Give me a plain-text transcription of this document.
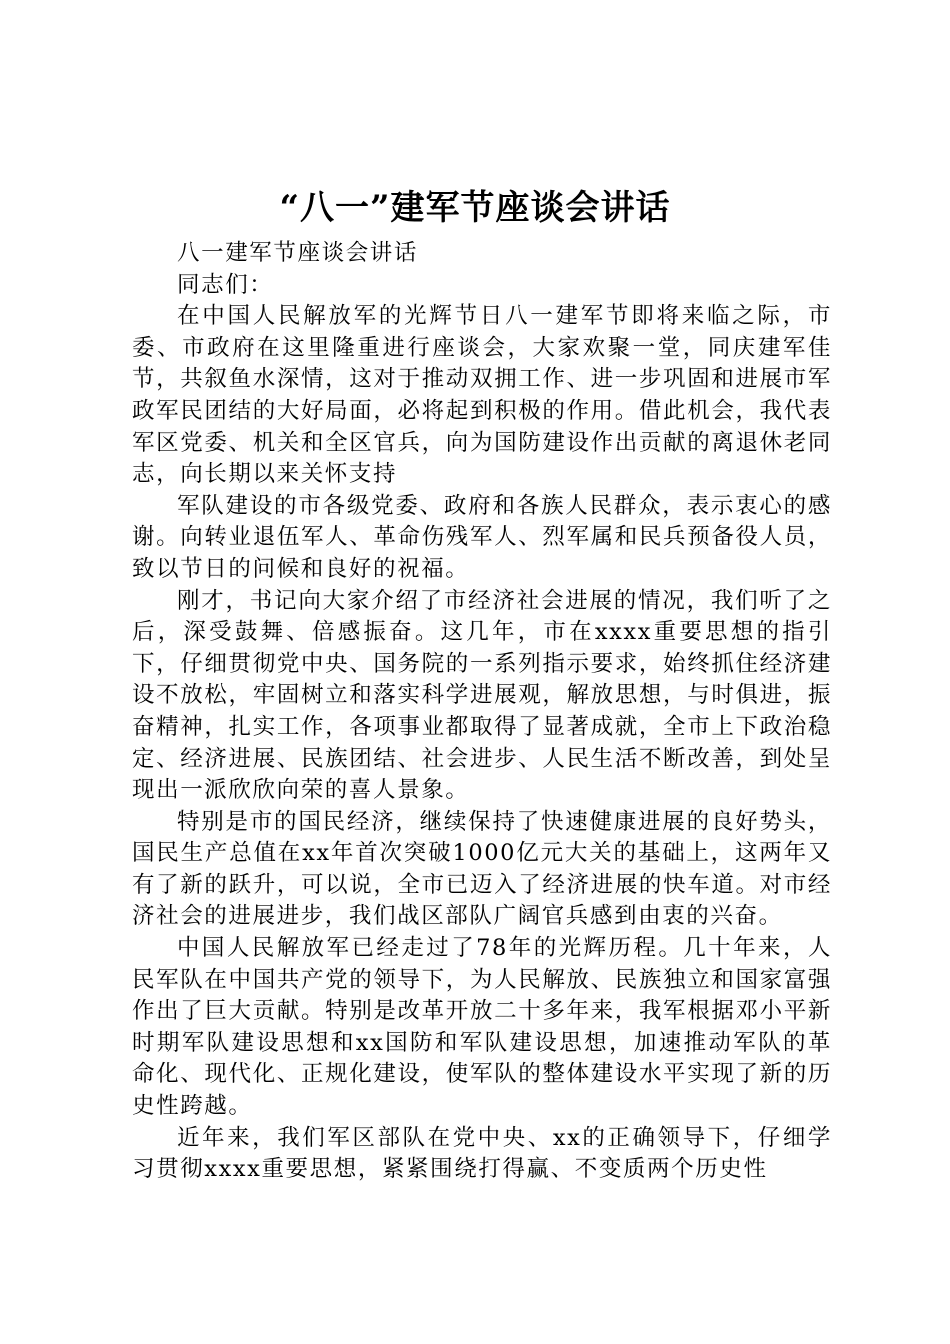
“八一”建军节座谈会讲话

八一建军节座谈会讲话

同志们：

在中国人民解放军的光辉节日八一建军节即将来临之际，市委、市政府在这里隆重进行座谈会，大家欢聚一堂，同庆建军佳节，共叙鱼水深情，这对于推动双拥工作、进一步巩固和进展市军政军民团结的大好局面，必将起到积极的作用。借此机会，我代表军区党委、机关和全区官兵，向为国防建设作出贡献的离退休老同志，向长期以来关怀支持

军队建设的市各级党委、政府和各族人民群众，表示衷心的感谢。向转业退伍军人、革命伤残军人、烈军属和民兵预备役人员，致以节日的问候和良好的祝福。

刚才，书记向大家介绍了市经济社会进展的情况，我们听了之后，深受鼓舞、倍感振奋。这几年，市在xxxx重要思想的指引下，仔细贯彻党中央、国务院的一系列指示要求，始终抓住经济建设不放松，牢固树立和落实科学进展观，解放思想，与时俱进，振奋精神，扎实工作，各项事业都取得了显著成就，全市上下政治稳定、经济进展、民族团结、社会进步、人民生活不断改善，到处呈现出一派欣欣向荣的喜人景象。

特别是市的国民经济，继续保持了快速健康进展的良好势头，国民生产总值在xx年首次突破1000亿元大关的基础上，这两年又有了新的跃升，可以说，全市已迈入了经济进展的快车道。对市经济社会的进展进步，我们战区部队广阔官兵感到由衷的兴奋。

中国人民解放军已经走过了78年的光辉历程。几十年来，人民军队在中国共产党的领导下，为人民解放、民族独立和国家富强作出了巨大贡献。特别是改革开放二十多年来，我军根据邓小平新时期军队建设思想和xx国防和军队建设思想，加速推动军队的革命化、现代化、正规化建设，使军队的整体建设水平实现了新的历史性跨越。

近年来，我们军区部队在党中央、xx的正确领导下，仔细学习贯彻xxxx重要思想，紧紧围绕打得赢、不变质两个历史性
